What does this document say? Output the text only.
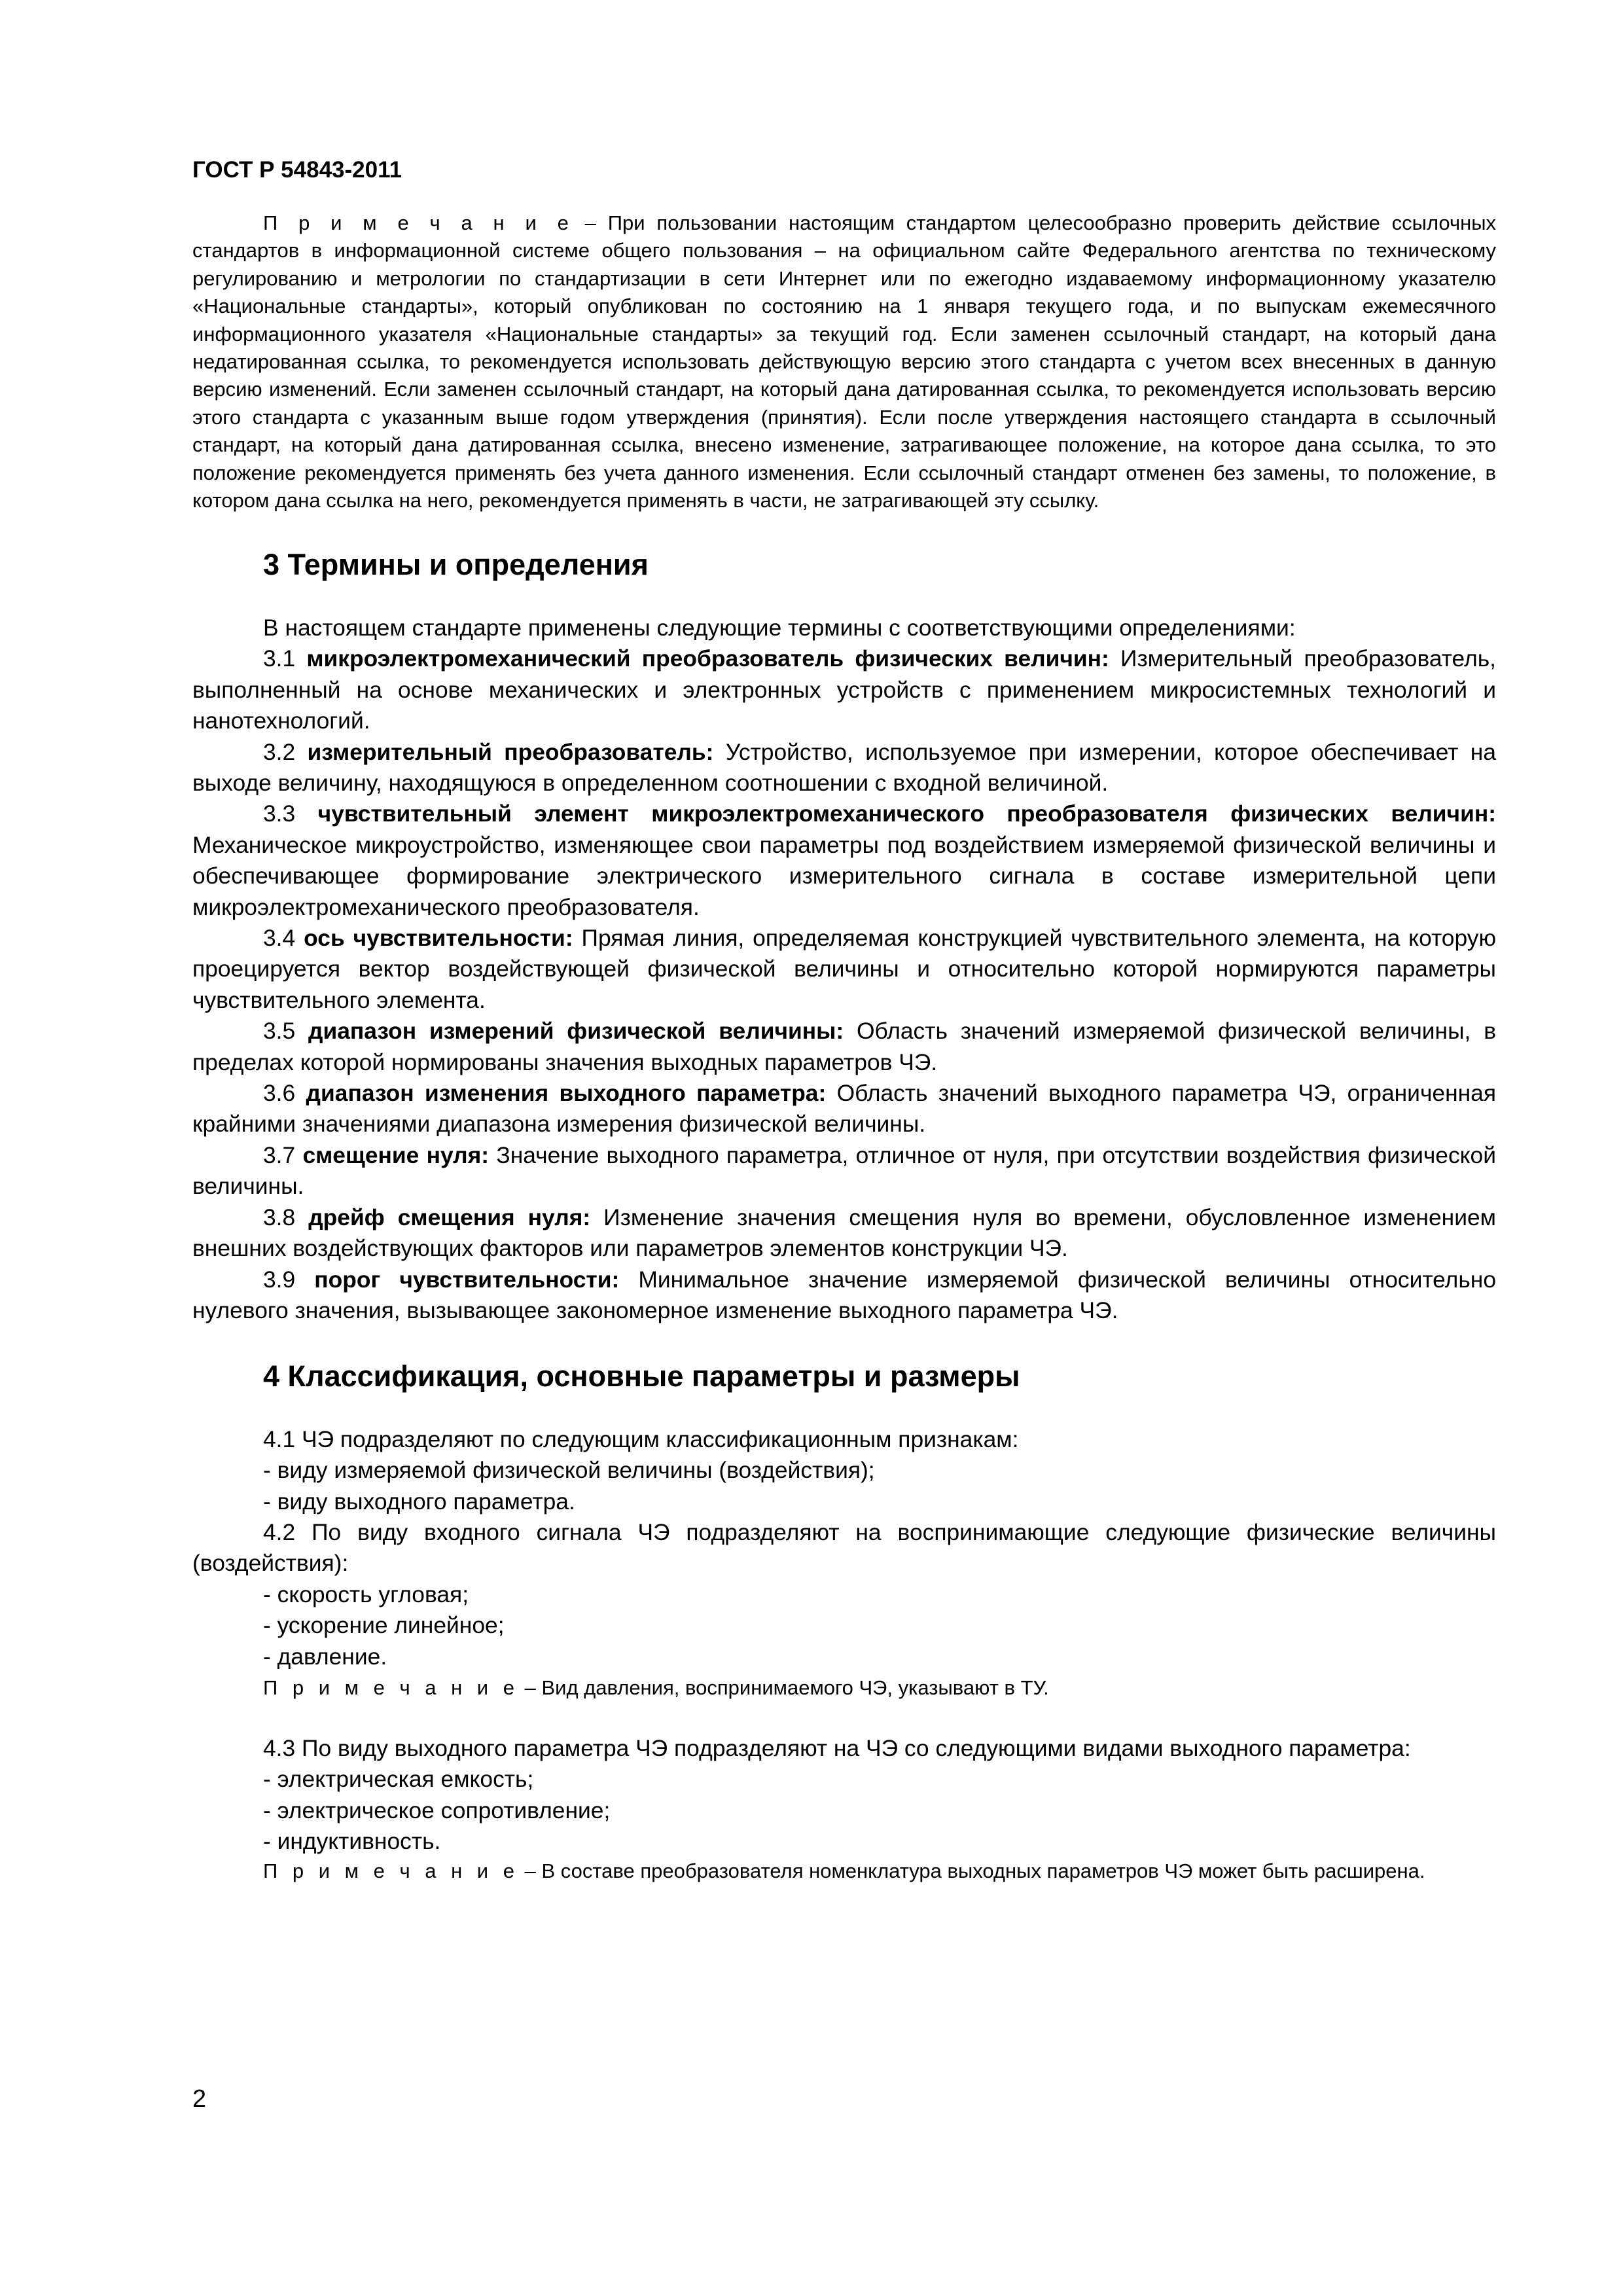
ГОСТ Р 54843-2011

П р и м е ч а н и е – При пользовании настоящим стандартом целесообразно проверить действие ссылочных стандартов в информационной системе общего пользования – на официальном сайте Федерального агентства по техническому регулированию и метрологии по стандартизации в сети Интернет или по ежегодно издаваемому информационному указателю «Национальные стандарты», который опубликован по состоянию на 1 января текущего года, и по выпускам ежемесячного информационного указателя «Национальные стандарты» за текущий год. Если заменен ссылочный стандарт, на который дана недатированная ссылка, то рекомендуется использовать действующую версию этого стандарта с учетом всех внесенных в данную версию изменений. Если заменен ссылочный стандарт, на который дана датированная ссылка, то рекомендуется использовать версию этого стандарта с указанным выше годом утверждения (принятия). Если после утверждения настоящего стандарта в ссылочный стандарт, на который дана датированная ссылка, внесено изменение, затрагивающее положение, на которое дана ссылка, то это положение рекомендуется применять без учета данного изменения. Если ссылочный стандарт отменен без замены, то положение, в котором дана ссылка на него, рекомендуется применять в части, не затрагивающей эту ссылку.

3 Термины и определения

В настоящем стандарте применены следующие термины с соответствующими определениями:

3.1 микроэлектромеханический преобразователь физических величин: Измерительный преобразователь, выполненный на основе механических и электронных устройств с применением микросистемных технологий и нанотехнологий.

3.2 измерительный преобразователь: Устройство, используемое при измерении, которое обеспечивает на выходе величину, находящуюся в определенном соотношении с входной величиной.

3.3 чувствительный элемент микроэлектромеханического преобразователя физических величин: Механическое микроустройство, изменяющее свои параметры под воздействием измеряемой физической величины и обеспечивающее формирование электрического измерительного сигнала в составе измерительной цепи микроэлектромеханического преобразователя.

3.4 ось чувствительности: Прямая линия, определяемая конструкцией чувствительного элемента, на которую проецируется вектор воздействующей физической величины и относительно которой нормируются параметры чувствительного элемента.

3.5 диапазон измерений физической величины: Область значений измеряемой физической величины, в пределах которой нормированы значения выходных параметров ЧЭ.

3.6 диапазон изменения выходного параметра: Область значений выходного параметра ЧЭ, ограниченная крайними значениями диапазона измерения физической величины.

3.7 смещение нуля: Значение выходного параметра, отличное от нуля, при отсутствии воздействия физической величины.

3.8 дрейф смещения нуля: Изменение значения смещения нуля во времени, обусловленное изменением внешних воздействующих факторов или параметров элементов конструкции ЧЭ.

3.9 порог чувствительности: Минимальное значение измеряемой физической величины относительно нулевого значения, вызывающее закономерное изменение выходного параметра ЧЭ.

4 Классификация, основные параметры и размеры

4.1 ЧЭ подразделяют по следующим классификационным признакам:

- виду измеряемой физической величины (воздействия);

- виду выходного параметра.

4.2 По виду входного сигнала ЧЭ подразделяют на воспринимающие следующие физические величины (воздействия):

- скорость угловая;

- ускорение линейное;

- давление.

П р и м е ч а н и е – Вид давления, воспринимаемого ЧЭ, указывают в ТУ.

4.3 По виду выходного параметра ЧЭ подразделяют на ЧЭ со следующими видами выходного параметра:

- электрическая емкость;

- электрическое сопротивление;

- индуктивность.

П р и м е ч а н и е – В составе преобразователя номенклатура выходных параметров ЧЭ может быть расширена.

2
